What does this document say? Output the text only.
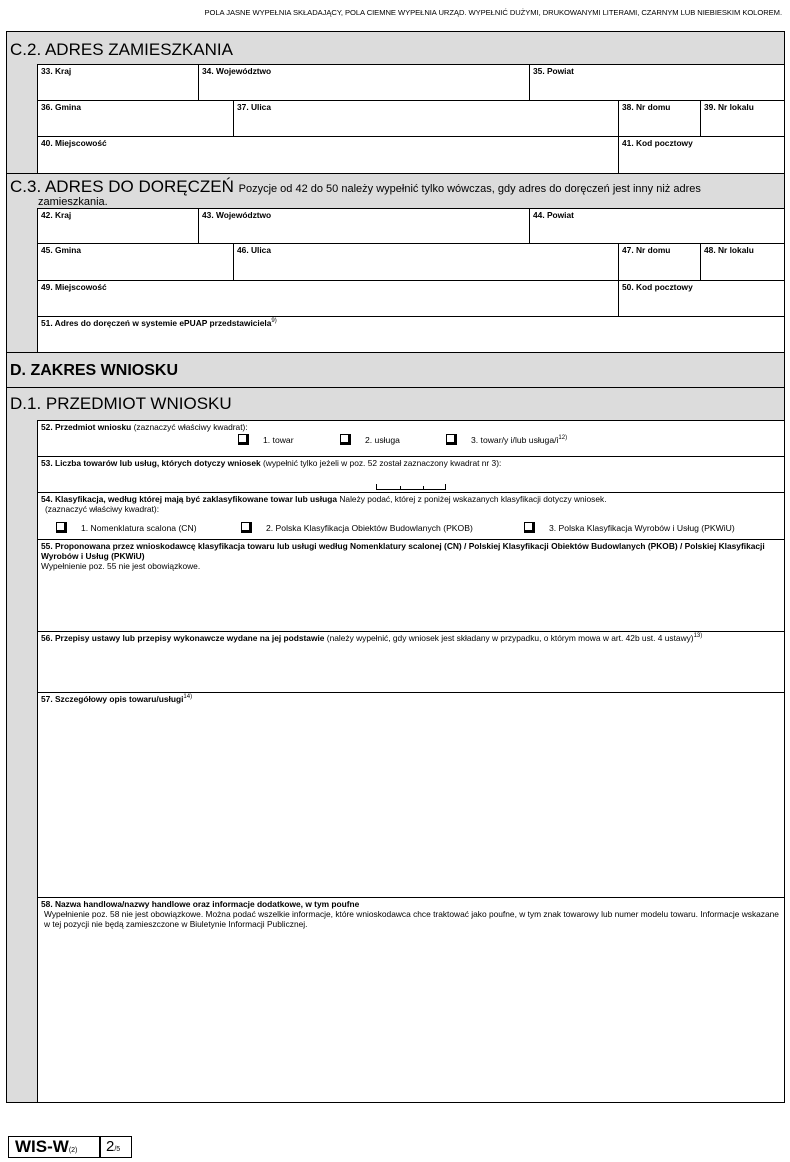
POLA JASNE WYPEŁNIA SKŁADAJĄCY, POLA CIEMNE WYPEŁNIA URZĄD. WYPEŁNIĆ DUŻYMI, DRUKOWANYMI LITERAMI, CZARNYM LUB NIEBIESKIM KOLOREM.
C.2. ADRES ZAMIESZKANIA
33. Kraj	34. Województwo	35. Powiat
36. Gmina	37. Ulica	38. Nr domu	39. Nr lokalu
40. Miejscowość	41. Kod pocztowy
C.3. ADRES DO DORĘCZEŃ Pozycje od 42 do 50 należy wypełnić tylko wówczas, gdy adres do doręczeń jest inny niż adres
zamieszkania.
42. Kraj	43. Województwo	44. Powiat
45. Gmina	46. Ulica	47. Nr domu	48. Nr lokalu
49. Miejscowość	50. Kod pocztowy
51. Adres do doręczeń w systemie ePUAP przedstawiciela$^{9)}$
D. ZAKRES WNIOSKU
D.1. PRZEDMIOT WNIOSKU
52. Przedmiot wniosku (zaznaczyć właściwy kwadrat):
1. towar	2. usługa	3. towar/y i/lub usługa/$i^{12)}$
53. Liczba towarów lub usług, których dotyczy wniosek (wypełnić tylko jeżeli w poz. 52 został zaznaczony kwadrat nr 3):
54. Klasyfikacja, według której mają być zaklasyfikowane towar lub usługa Należy podać, której z poniżej wskazanych klasyfikacji dotyczy wniosek.
(zaznaczyć właściwy kwadrat):
1. Nomenklatura scalona (CN)	2. Polska Klasyfikacja Obiektów Budowlanych (PKOB)	3. Polska Klasyfikacja Wyrobów i Usług (PKWiU)
55. Proponowana przez wnioskodawcę klasyfikacja towaru lub usługi według Nomenklatury scalonej (CN) / Polskiej Klasyfikacji Obiektów Budowlanych (PKOB) / Polskiej Klasyfikacji Wyrobów i Usług (PKWiU)
Wypełnienie poz. 55 nie jest obowiązkowe.
56. Przepisy ustawy lub przepisy wykonawcze wydane na jej podstawie (należy wypełnić, gdy wniosek jest składany w przypadku, o którym mowa w art. 42b ust. 4 ustawy)$^{13)}$
57. Szczegółowy opis towaru/usługi$^{14)}$
58. Nazwa handlowa/nazwy handlowe oraz informacje dodatkowe, w tym poufne
Wypełnienie poz. 58 nie jest obowiązkowe. Można podać wszelkie informacje, które wnioskodawca chce traktować jako poufne, w tym znak towarowy lub numer modelu towaru. Informacje wskazane w tej pozycji nie będą zamieszczone w Biuletynie Informacji Publicznej.
WIS-W(2)	2/5
